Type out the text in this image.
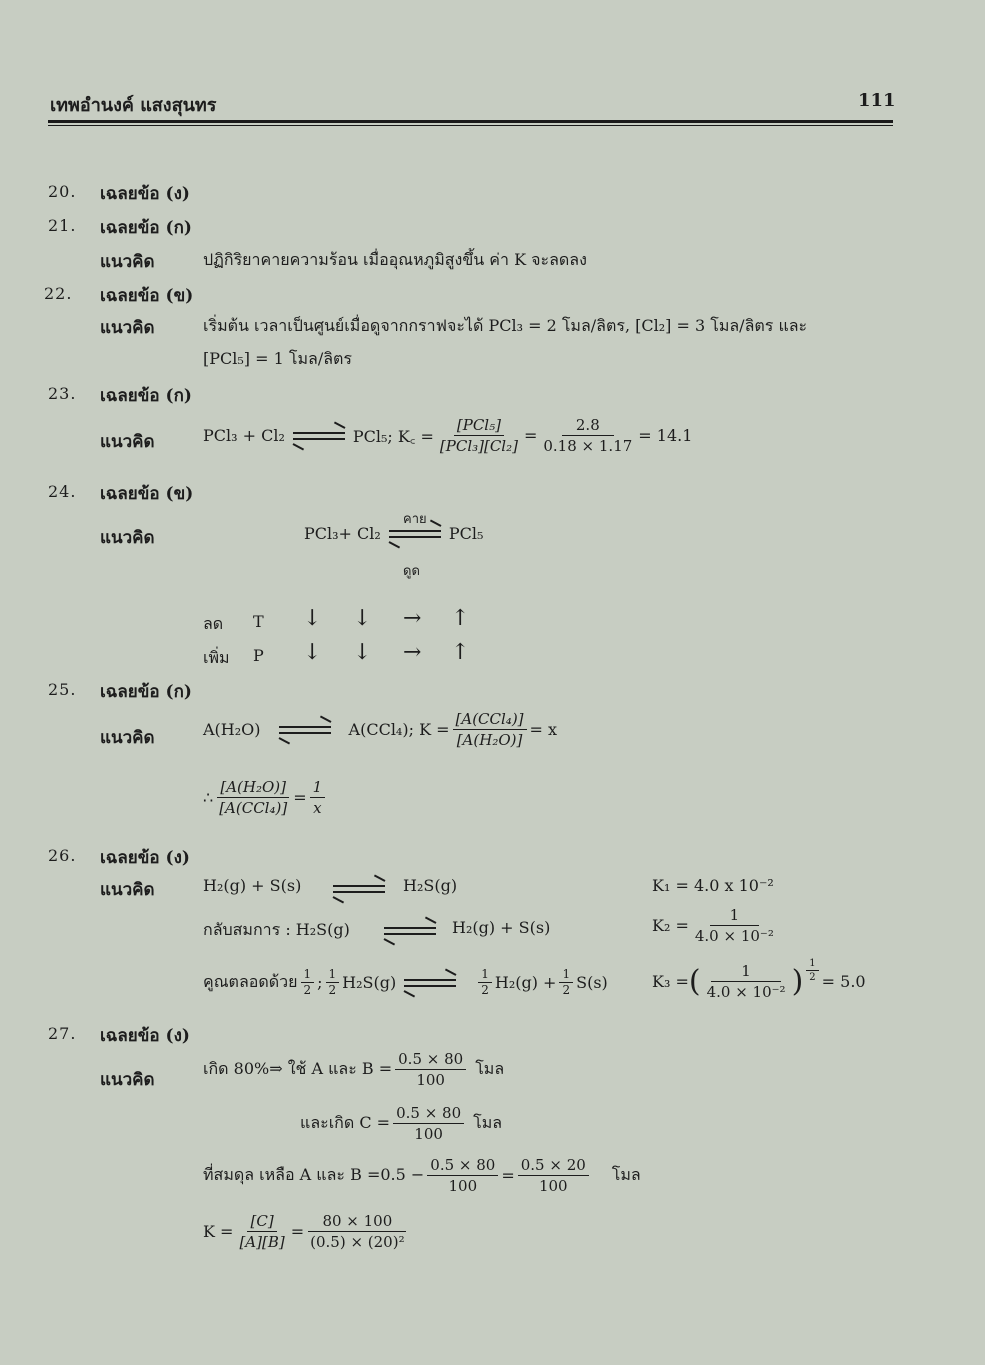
เทพอำนงค์ แสงสุนทร	111
20. เฉลยข้อ (ง)
21. เฉลยข้อ (ก)
แนวคิด	ปฏิกิริยาคายความร้อน เมื่ออุณหภูมิสูงขึ้น ค่า K จะลดลง
22. เฉลยข้อ (ข)
แนวคิด	เริ่มต้น เวลาเป็นศูนย์เมื่อดูจากกราฟจะได้ PCl₃ = 2 โมล/ลิตร, [Cl₂] = 3 โมล/ลิตร และ
[PCl₅] = 1 โมล/ลิตร
23. เฉลยข้อ (ก)
แนวคิด	PCl₃ + Cl₂	PCl₅; K꜀ = $\frac{\text{[PCl₅]}}{\text{[PCl₃][Cl₂]}} = \frac{2.8}{0.18 \times 1.17} = 14.1$
24. เฉลยข้อ (ข)
แนวคิด
คาย
PCl₃+ Cl₂	PCl₅
ดูด
ลด T ↓ ↓ → ↑
เพิ่ม P ↓ ↓ → ↑
25. เฉลยข้อ (ก)
แนวคิด	A(H₂O)	A(CCl₄); $K = \frac{\text{[A(CCl₄)]}}{\text{[A(H₂O)]}} = x$
∴ $\frac{\text{[A(H₂O)]}}{\text{[A(CCl₄)]}} = \frac{1}{x}$
26. เฉลยข้อ (ง)
แนวคิด	H₂(g) + S(s)	H₂S(g)	K₁ = 4.0 x 10⁻²
กลับสมการ : H₂S(g)	H₂(g) + S(s)	$K_2 = \frac{1}{\text{4.0 × 10⁻²}}$
คูณตลอดด้วย $\frac{1}{2}$ ; $\frac{1}{2} H_2S(g)$	$\frac{1}{2} H_2(g) + \frac{1}{2} S(s)$	K₃ = ( $\frac{1}{\text{4.0 × 10⁻²}}$ ) $\frac{1}{2} = 5.0$
27. เฉลยข้อ (ง)
แนวคิด
เกิด 80%⇒ ใช้ A และ $B = \frac{0.5 \times 80}{100}$ โมล
และเกิด $C = \frac{0.5 \times 80}{100}$ โมล
ที่สมดุล เหลือ A และ $B =0.5 - \frac{0.5 \times 80}{100} = \frac{0.5 \times 20}{100}$ โมล
$K = \frac{[C]}{[A][B]} = \frac{80 \times 100}{\text{(0.5) × (20)²}}$
